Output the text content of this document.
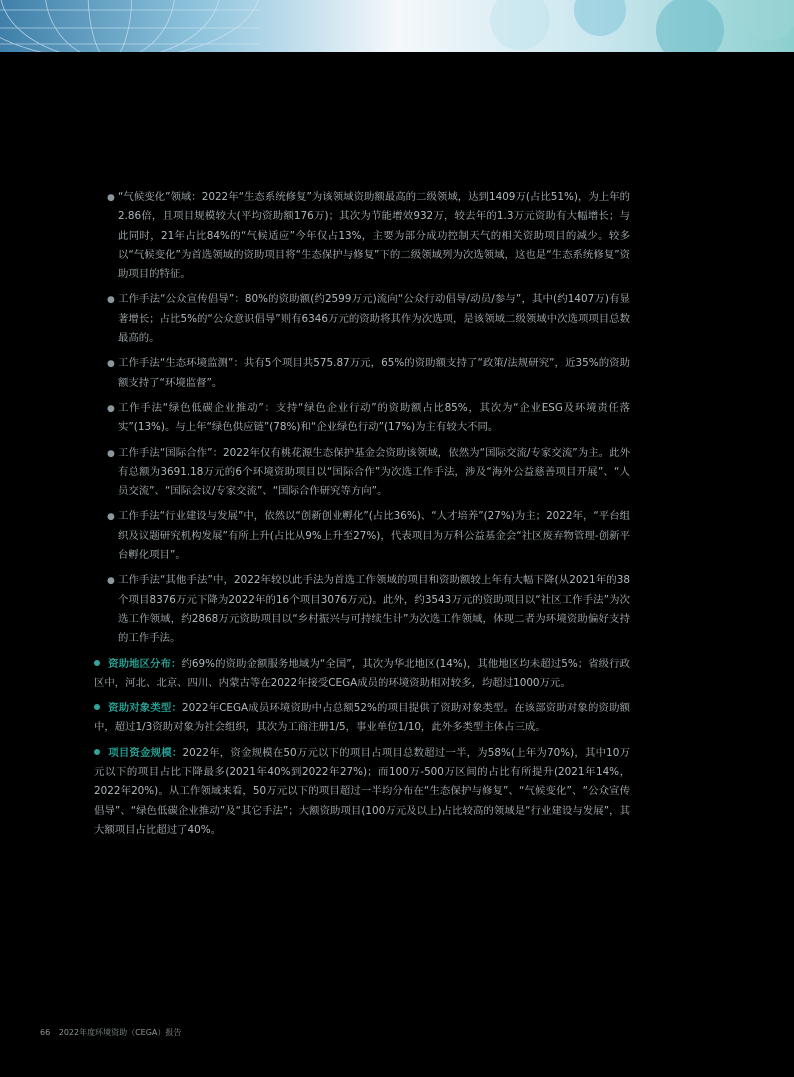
● “气候变化”领域：2022年“生态系统修复”为该领域资助额最高的二级领域，达到1409万(占比51%)，为上年的2.86倍，且项目规模较大(平均资助额176万)；其次为节能增效932万，较去年的1.3万元资助有大幅增长；与此同时，21年占比84%的“气候适应”今年仅占13%，主要为部分成功控制天气的相关资助项目的减少。较多以“气候变化”为首选领域的资助项目将“生态保护与修复”下的二级领域列为次选领域，这也是“生态系统修复”资助项目的特征。
● 工作手法“公众宣传倡导”：80%的资助额(约2599万元)流向“公众行动倡导/动员/参与”，其中(约1407万)有显著增长；占比5%的“公众意识倡导”则有6346万元的资助将其作为次选项，是该领域二级领域中次选项项目总数最高的。
● 工作手法“生态环境监测”：共有5个项目共575.87万元，65%的资助额支持了“政策/法规研究”，近35%的资助额支持了“环境监督”。
● 工作手法“绿色低碳企业推动”：支持“绿色企业行动”的资助额占比85%，其次为“企业ESG及环境责任落实”(13%)。与上年“绿色供应链”(78%)和“企业绿色行动”(17%)为主有较大不同。
● 工作手法“国际合作”：2022年仅有桃花源生态保护基金会资助该领域，依然为“国际交流/专家交流”为主。此外有总额为3691.18万元的6个环境资助项目以“国际合作”为次选工作手法，涉及“海外公益慈善项目开展”、“人员交流”、“国际会议/专家交流”、“国际合作研究等方向”。
● 工作手法“行业建设与发展”中，依然以“创新创业孵化”(占比36%)、“人才培养”(27%)为主；2022年，“平台组织及议题研究机构发展”有所上升(占比从9%上升至27%)，代表项目为万科公益基金会“社区废弃物管理-创新平台孵化项目”。
● 工作手法“其他手法”中，2022年较以此手法为首选工作领域的项目和资助额较上年有大幅下降(从2021年的38个项目8376万元下降为2022年的16个项目3076万元)。此外，约3543万元的资助项目以“社区工作手法”为次选工作领域，约2868万元资助项目以“乡村振兴与可持续生计”为次选工作领域，体现二者为环境资助偏好支持的工作手法。
资助地区分布：约69%的资助金额服务地域为“全国”，其次为华北地区(14%)，其他地区均未超过5%；省级行政区中，河北、北京、四川、内蒙古等在2022年接受CEGA成员的环境资助相对较多，均超过1000万元。
资助对象类型：2022年CEGA成员环境资助中占总额52%的项目提供了资助对象类型。在该部资助对象的资助额中，超过1/3资助对象为社会组织，其次为工商注册1/5，事业单位1/10，此外多类型主体占三成。
项目资金规模：2022年，资金规模在50万元以下的项目占项目总数超过一半，为58%(上年为70%)，其中10万元以下的项目占比下降最多(2021年40%到2022年27%)；而100万-500万区间的占比有所提升(2021年14%，2022年20%)。从工作领域来看，50万元以下的项目超过一半均分布在“生态保护与修复”、“气候变化”、“公众宣传倡导”、“绿色低碳企业推动”及“其它手法”；大额资助项目(100万元及以上)占比较高的领域是“行业建设与发展”，其大额项目占比超过了40%。
66 2022年度环境资助（CEGA）报告
